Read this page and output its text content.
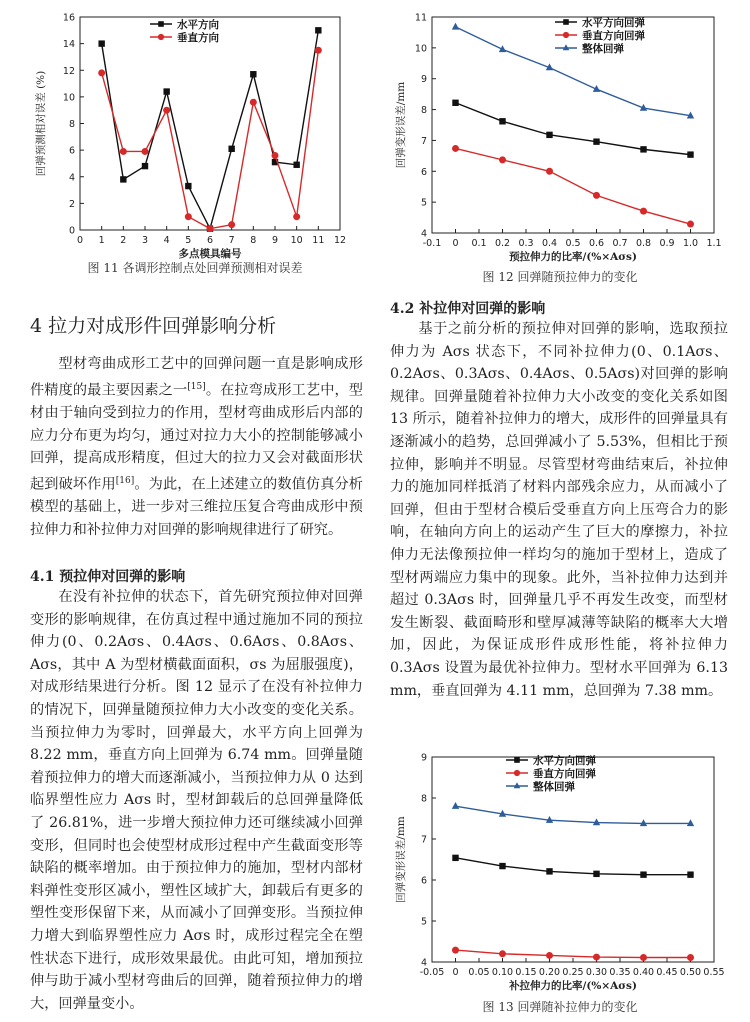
0 1 2 3 4 5 6 7 8 9 10 11 12
0
2
4
6
8
10
12
14
16
多点模具编号
回弹预测相对误差 (%)
水平方向
垂直方向
图 11 各调形控制点处回弹预测相对误差
-0.1 0 0.1 0.2 0.3 0.4 0.5 0.6 0.7 0.8 0.9 1.0 1.1
4
5
6
7
8
9
10
11
预拉伸力的比率/(%×Aσs)
回弹变形误差/mm
水平方向回弹
垂直方向回弹
整体回弹
图 12 回弹随预拉伸力的变化
4 拉力对成形件回弹影响分析

型材弯曲成形工艺中的回弹问题一直是影响成形件精度的最主要因素之一[15]。在拉弯成形工艺中，型材由于轴向受到拉力的作用，型材弯曲成形后内部的应力分布更为均匀，通过对拉力大小的控制能够减小回弹，提高成形精度，但过大的拉力又会对截面形状起到破坏作用[16]。为此，在上述建立的数值仿真分析模型的基础上，进一步对三维拉压复合弯曲成形中预拉伸力和补拉伸力对回弹的影响规律进行了研究。

4.1 预拉伸对回弹的影响

在没有补拉伸的状态下，首先研究预拉伸对回弹变形的影响规律，在仿真过程中通过施加不同的预拉伸力(0、0.2Aσs、0.4Aσs、0.6Aσs、0.8Aσs、Aσs，其中 A 为型材横截面面积，σs 为屈服强度)，对成形结果进行分析。图 12 显示了在没有补拉伸力的情况下，回弹量随预拉伸力大小改变的变化关系。当预拉伸力为零时，回弹最大，水平方向上回弹为 8.22 mm，垂直方向上回弹为 6.74 mm。回弹量随着预拉伸力的增大而逐渐减小，当预拉伸力从 0 达到临界塑性应力 Aσs 时，型材卸载后的总回弹量降低了 26.81%，进一步增大预拉伸力还可继续减小回弹变形，但同时也会使型材成形过程中产生截面变形等缺陷的概率增加。由于预拉伸力的施加，型材内部材料弹性变形区减小，塑性区域扩大，卸载后有更多的塑性变形保留下来，从而减小了回弹变形。当预拉伸力增大到临界塑性应力 Aσs 时，成形过程完全在塑性状态下进行，成形效果最优。由此可知，增加预拉伸与助于减小型材弯曲后的回弹，随着预拉伸力的增大，回弹量变小。

4.2 补拉伸对回弹的影响

基于之前分析的预拉伸对回弹的影响，选取预拉伸力为 Aσs 状态下，不同补拉伸力(0、0.1Aσs、0.2Aσs、0.3Aσs、0.4Aσs、0.5Aσs)对回弹的影响规律。回弹量随着补拉伸力大小改变的变化关系如图 13 所示，随着补拉伸力的增大，成形件的回弹量具有逐渐减小的趋势，总回弹减小了 5.53%，但相比于预拉伸，影响并不明显。尽管型材弯曲结束后，补拉伸力的施加同样抵消了材料内部残余应力，从而减小了回弹，但由于型材合模后受垂直方向上压弯合力的影响，在轴向方向上的运动产生了巨大的摩擦力，补拉伸力无法像预拉伸一样均匀的施加于型材上，造成了型材两端应力集中的现象。此外，当补拉伸力达到并超过 0.3Aσs 时，回弹量几乎不再发生改变，而型材发生断裂、截面畸形和壁厚减薄等缺陷的概率大大增加，因此，为保证成形件成形性能，将补拉伸力 0.3Aσs 设置为最优补拉伸力。型材水平回弹为 6.13 mm，垂直回弹为 4.11 mm，总回弹为 7.38 mm。

-0.05 0 0.05 0.10 0.15 0.20 0.25 0.30 0.35 0.40 0.45 0.50 0.55
4
5
6
7
8
9
补拉伸力的比率/(%×Aσs)
回弹变形误差/mm
水平方向回弹
垂直方向回弹
整体回弹
图 13 回弹随补拉伸力的变化
